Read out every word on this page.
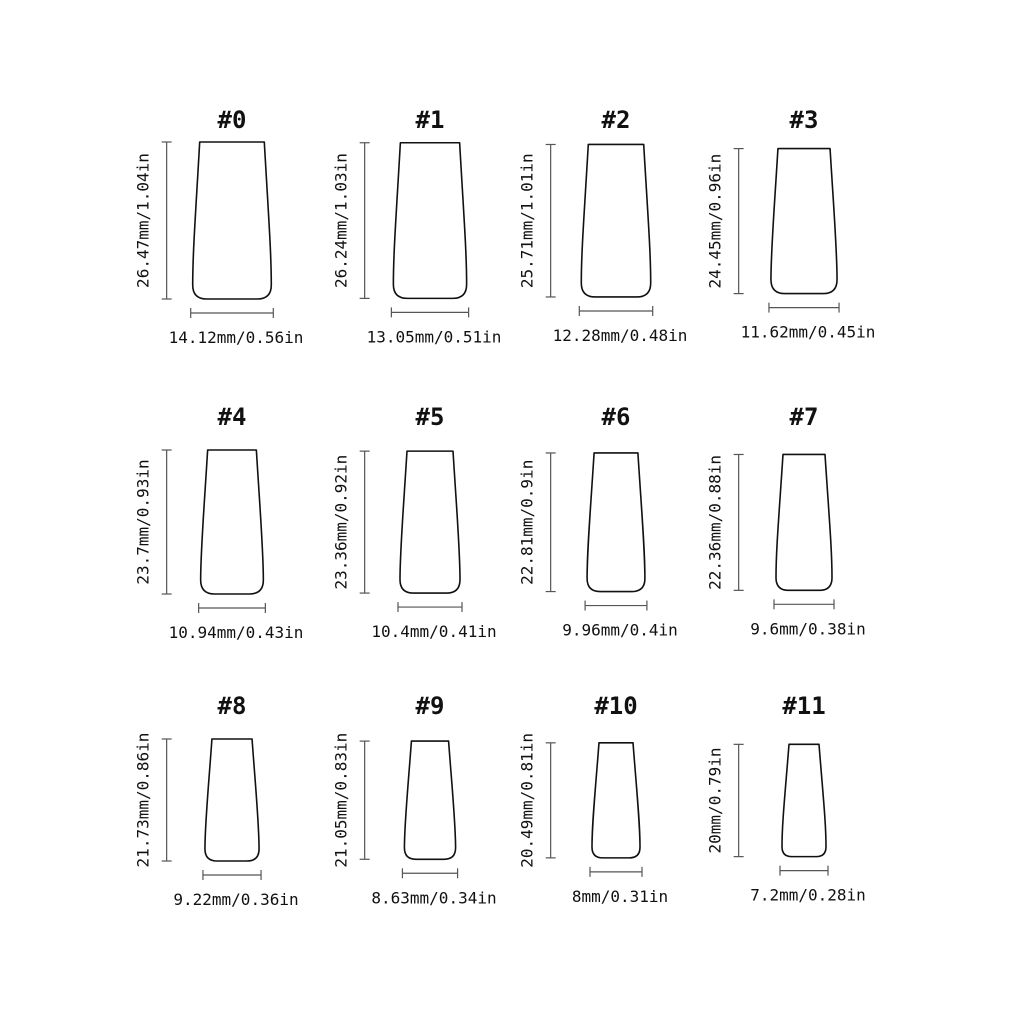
#0
26.47mm/1.04in
14.12mm/0.56in
#1
26.24mm/1.03in
13.05mm/0.51in
#2
25.71mm/1.01in
12.28mm/0.48in
#3
24.45mm/0.96in
11.62mm/0.45in
#4
23.7mm/0.93in
10.94mm/0.43in
#5
23.36mm/0.92in
10.4mm/0.41in
#6
22.81mm/0.9in
9.96mm/0.4in
#7
22.36mm/0.88in
9.6mm/0.38in
#8
21.73mm/0.86in
9.22mm/0.36in
#9
21.05mm/0.83in
8.63mm/0.34in
#10
20.49mm/0.81in
8mm/0.31in
#11
20mm/0.79in
7.2mm/0.28in
